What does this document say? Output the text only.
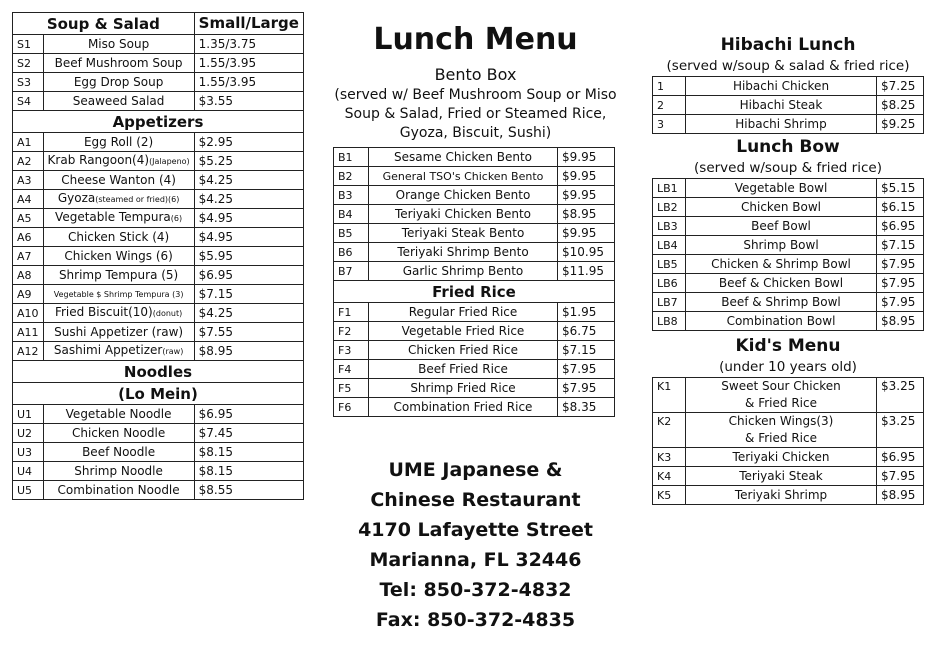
Soup & Salad		Small/Large
S1	Miso Soup	1.35/3.75
S2	Beef Mushroom Soup	1.55/3.95
S3	Egg Drop Soup	1.55/3.95
S4	Seaweed Salad	$3.55
Appetizers		
A1	Egg Roll (2)	$2.95
A2	Krab Rangoon(4)(Jalapeno)	$5.25
A3	Cheese Wanton (4)	$4.25
A4	Gyoza(steamed or fried)(6)	$4.25
A5	Vegetable Tempura(6)	$4.95
A6	Chicken Stick (4)	$4.95
A7	Chicken Wings (6)	$5.95
A8	Shrimp Tempura (5)	$6.95
A9	Vegetable $ Shrimp Tempura (3)	$7.15
A10	Fried Biscuit(10)(donut)	$4.25
A11	Sushi Appetizer (raw)	$7.55
A12	Sashimi Appetizer(raw)	$8.95
Noodles		
(Lo Mein)		
U1	Vegetable Noodle	$6.95
U2	Chicken Noodle	$7.45
U3	Beef Noodle	$8.15
U4	Shrimp Noodle	$8.15
U5	Combination Noodle	$8.55
Lunch Menu

Bento Box

(served w/ Beef Mushroom Soup or Miso Soup & Salad, Fried or Steamed Rice, Gyoza, Biscuit, Sushi)

B1	Sesame Chicken Bento	$9.95
B2	General TSO's Chicken Bento	$9.95
B3	Orange Chicken Bento	$9.95
B4	Teriyaki Chicken Bento	$8.95
B5	Teriyaki Steak Bento	$9.95
B6	Teriyaki Shrimp Bento	$10.95
B7	Garlic Shrimp Bento	$11.95
Fried Rice		
F1	Regular Fried Rice	$1.95
F2	Vegetable Fried Rice	$6.75
F3	Chicken Fried Rice	$7.15
F4	Beef Fried Rice	$7.95
F5	Shrimp Fried Rice	$7.95
F6	Combination Fried Rice	$8.35
UME Japanese &
Chinese Restaurant
4170 Lafayette Street
Marianna, FL 32446
Tel: 850-372-4832
Fax: 850-372-4835

Hibachi Lunch

(served w/soup & salad & fried rice)

1	Hibachi Chicken	$7.25
2	Hibachi Steak	$8.25
3	Hibachi Shrimp	$9.25

Lunch Bow

(served w/soup & fried rice)

LB1	Vegetable Bowl	$5.15
LB2	Chicken Bowl	$6.15
LB3	Beef Bowl	$6.95
LB4	Shrimp Bowl	$7.15
LB5	Chicken & Shrimp Bowl	$7.95
LB6	Beef & Chicken Bowl	$7.95
LB7	Beef & Shrimp Bowl	$7.95
LB8	Combination Bowl	$8.95

Kid's Menu

(under 10 years old)

K1	Sweet Sour Chicken
& Fried Rice	$3.25
K2	Chicken Wings(3)
& Fried Rice	$3.25
K3	Teriyaki Chicken	$6.95
K4	Teriyaki Steak	$7.95
K5	Teriyaki Shrimp	$8.95
